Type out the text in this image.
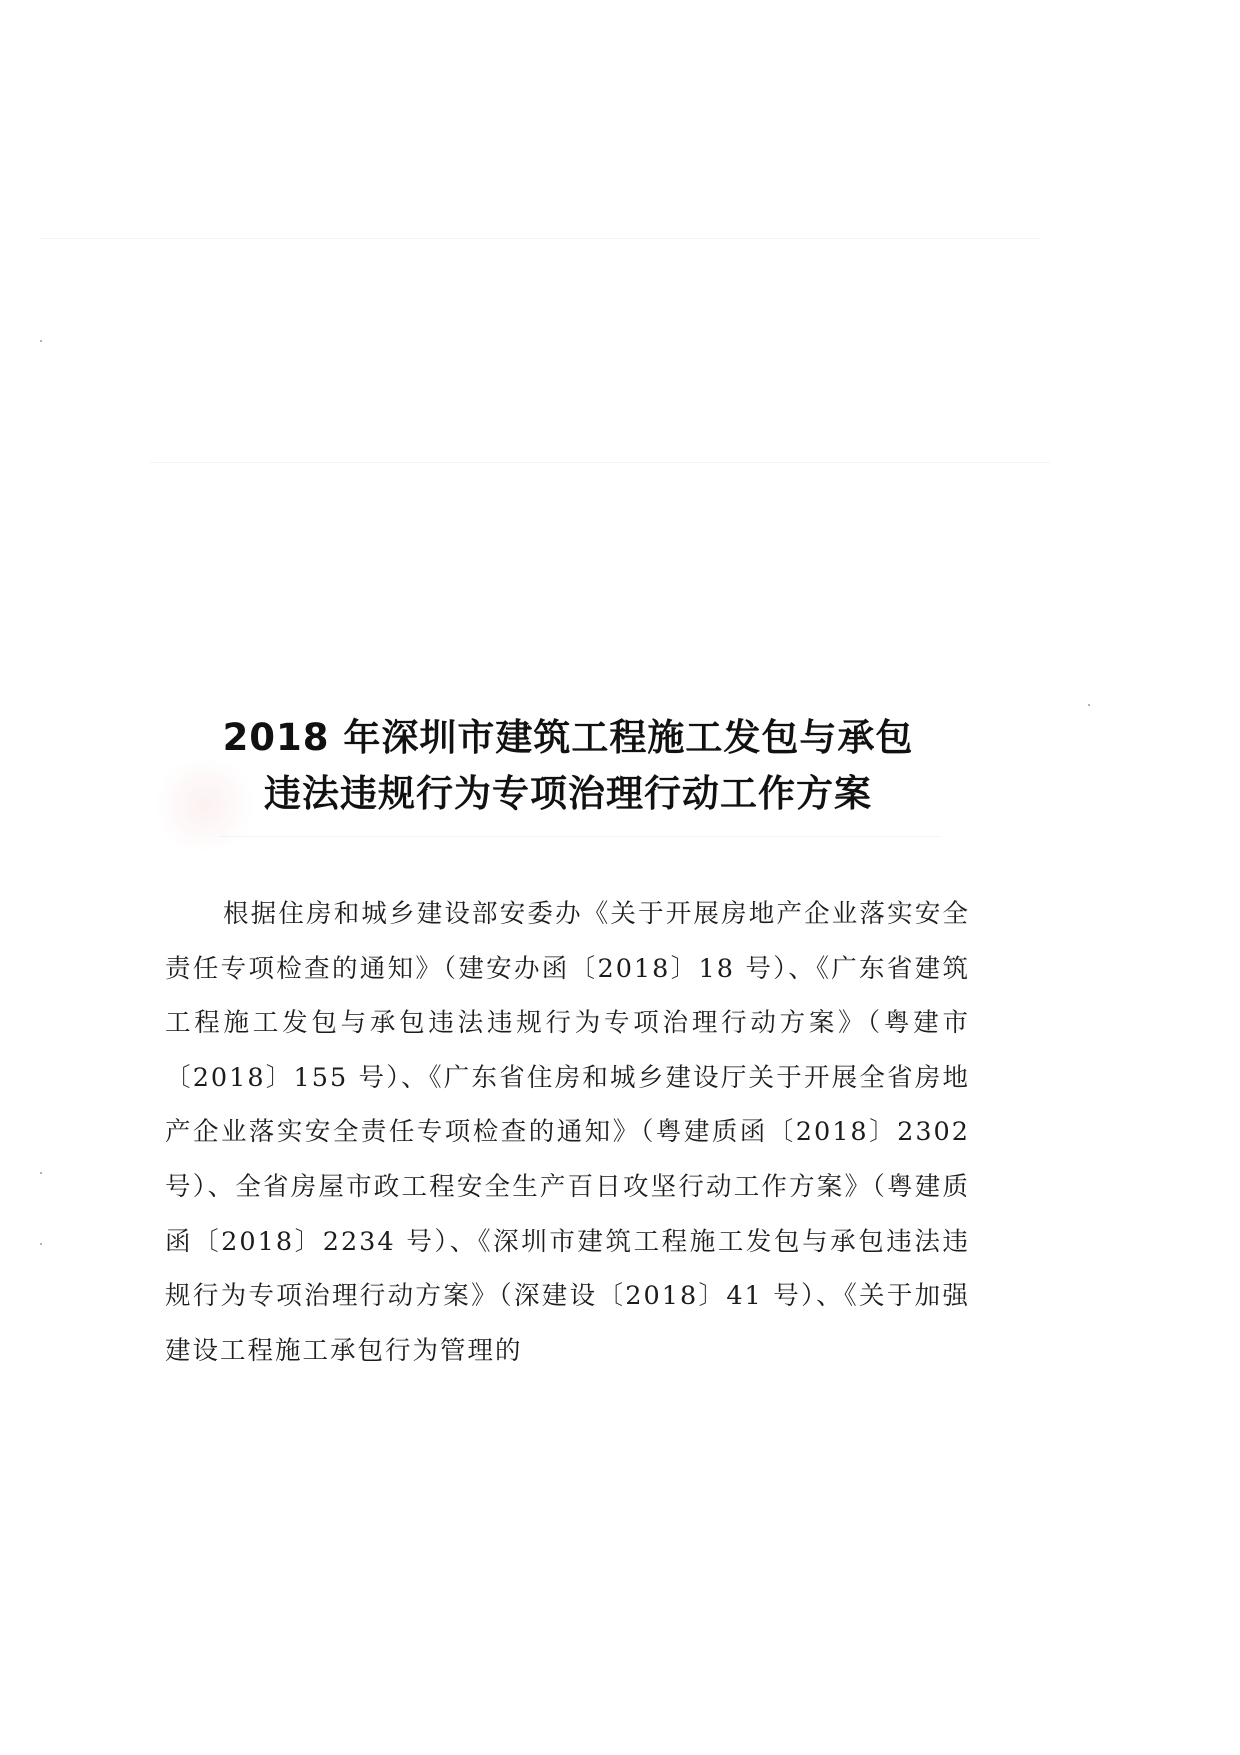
2018 年深圳市建筑工程施工发包与承包
违法违规行为专项治理行动工作方案

根据住房和城乡建设部安委办《关于开展房地产企业落实安全责任专项检查的通知》（建安办函〔2018〕18 号）、《广东省建筑工程施工发包与承包违法违规行为专项治理行动方案》（粤建市〔2018〕155 号）、《广东省住房和城乡建设厅关于开展全省房地产企业落实安全责任专项检查的通知》（粤建质函〔2018〕2302 号）、全省房屋市政工程安全生产百日攻坚行动工作方案》（粤建质函〔2018〕2234 号）、《深圳市建筑工程施工发包与承包违法违规行为专项治理行动方案》（深建设〔2018〕41 号）、《关于加强建设工程施工承包行为管理的
